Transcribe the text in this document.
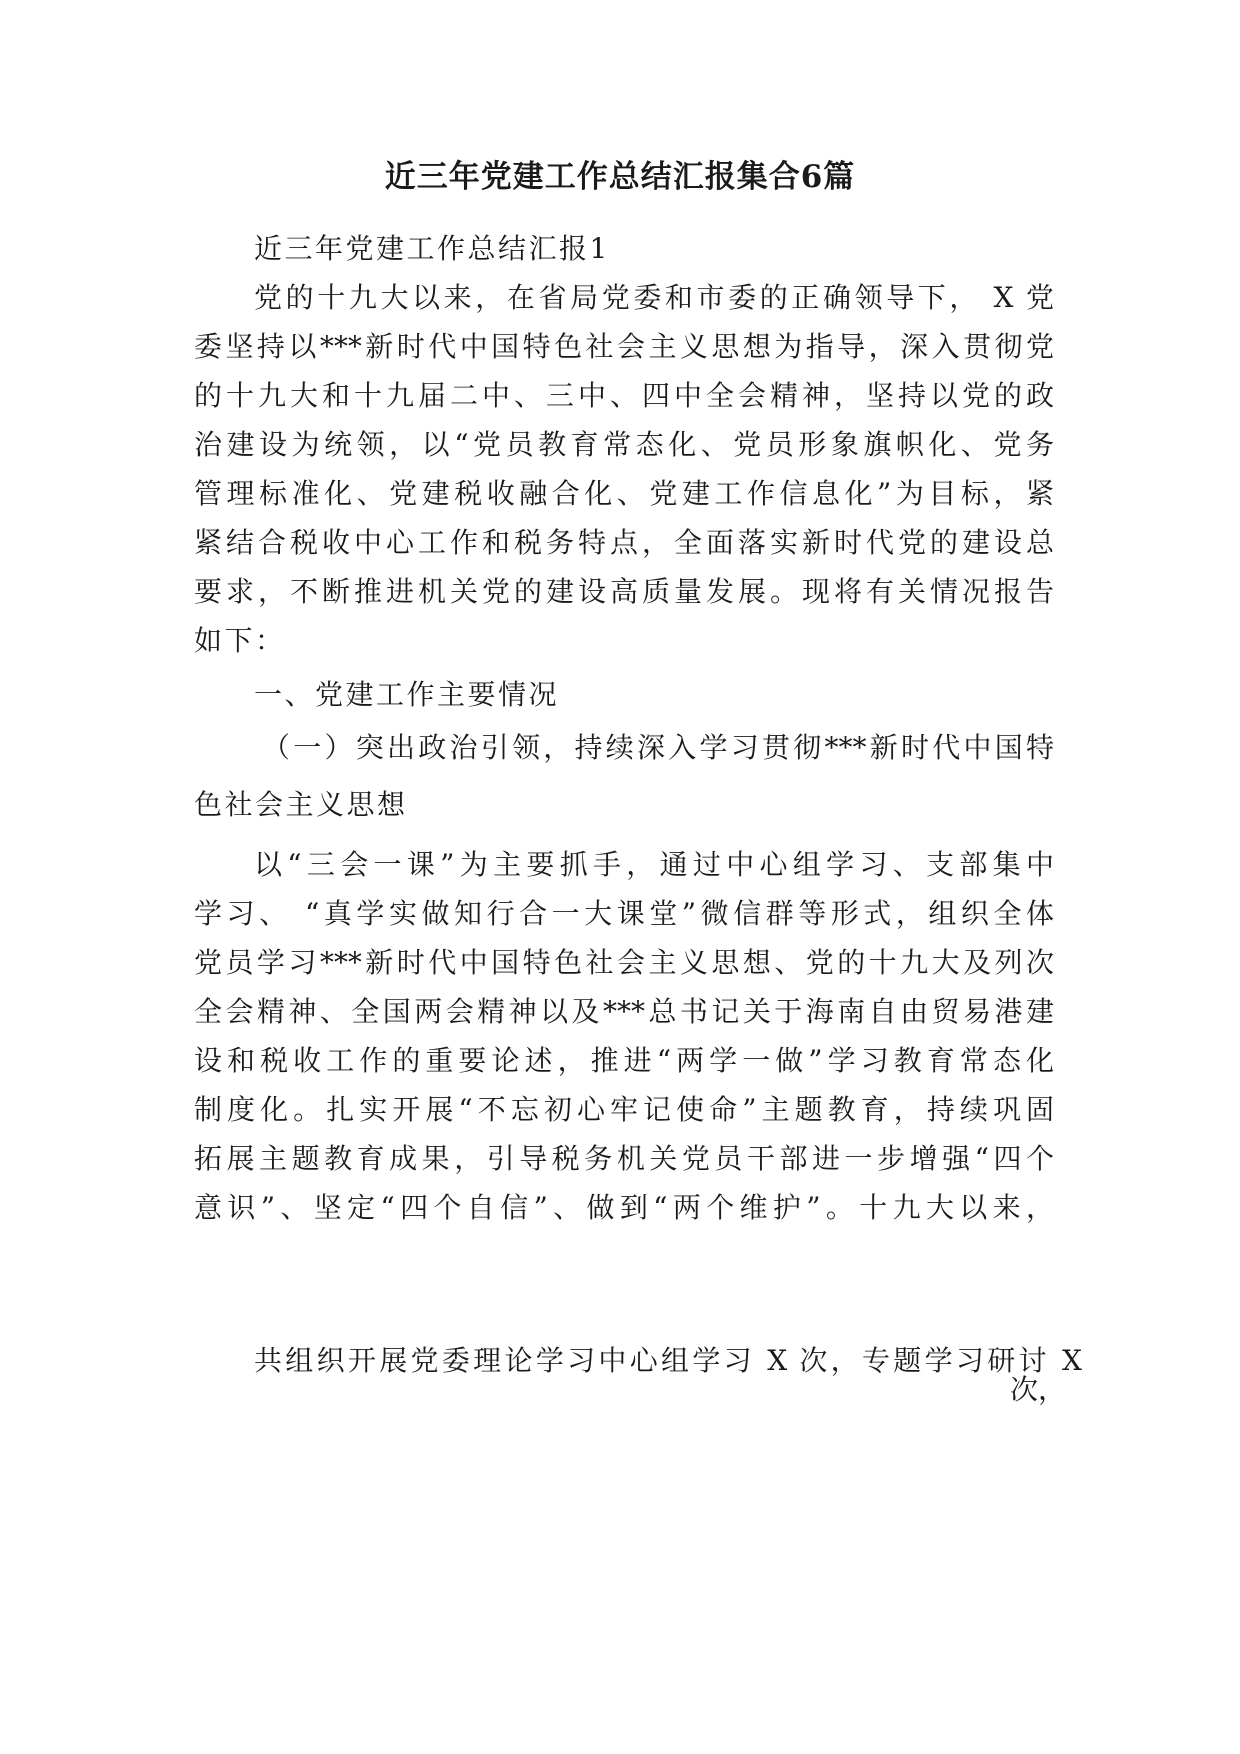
近三年党建工作总结汇报集合6篇
近三年党建工作总结汇报1
党的十九大以来，在省局党委和市委的正确领导下， X 党
委坚持以***新时代中国特色社会主义思想为指导，深入贯彻党
的十九大和十九届二中、三中、四中全会精神，坚持以党的政
治建设为统领，以“党员教育常态化、党员形象旗帜化、党务
管理标准化、党建税收融合化、党建工作信息化”为目标，紧
紧结合税收中心工作和税务特点，全面落实新时代党的建设总
要求，不断推进机关党的建设高质量发展。现将有关情况报告
如下：
一、党建工作主要情况
（一）突出政治引领，持续深入学习贯彻***新时代中国特
色社会主义思想
以“三会一课”为主要抓手，通过中心组学习、支部集中
学习、 “真学实做知行合一大课堂”微信群等形式，组织全体
党员学习***新时代中国特色社会主义思想、党的十九大及列次
全会精神、全国两会精神以及***总书记关于海南自由贸易港建
设和税收工作的重要论述，推进“两学一做”学习教育常态化
制度化。扎实开展“不忘初心牢记使命”主题教育，持续巩固
拓展主题教育成果，引导税务机关党员干部进一步增强“四个
意识”、坚定“四个自信”、做到“两个维护”。十九大以来，
共组织开展党委理论学习中心组学习 X 次，专题学习研讨 X
次，
